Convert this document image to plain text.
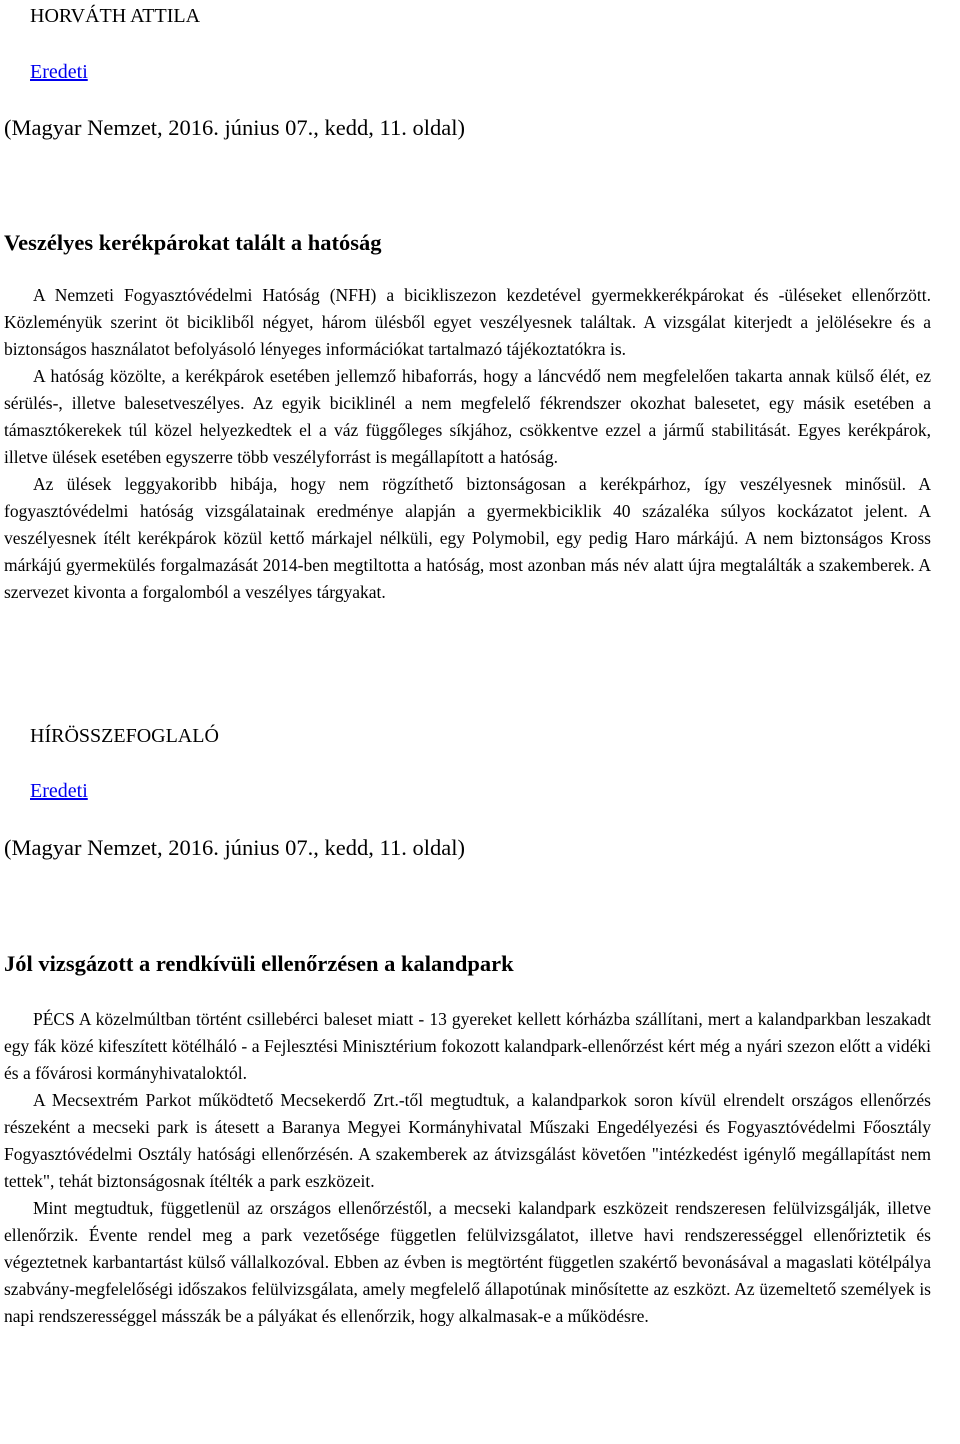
HORVÁTH ATTILA
Eredeti
(Magyar Nemzet, 2016. június 07., kedd, 11. oldal)
Veszélyes kerékpárokat talált a hatóság

A Nemzeti Fogyasztóvédelmi Hatóság (NFH) a bicikliszezon kezdetével gyermekkerékpárokat és -üléseket ellenőrzött. Közleményük szerint öt bicikliből négyet, három ülésből egyet veszélyesnek találtak. A vizsgálat kiterjedt a jelölésekre és a biztonságos használatot befolyásoló lényeges információkat tartalmazó tájékoztatókra is.

A hatóság közölte, a kerékpárok esetében jellemző hibaforrás, hogy a láncvédő nem megfelelően takarta annak külső élét, ez sérülés-, illetve balesetveszélyes. Az egyik biciklinél a nem megfelelő fékrendszer okozhat balesetet, egy másik esetében a támasztókerekek túl közel helyezkedtek el a váz függőleges síkjához, csökkentve ezzel a jármű stabilitását. Egyes kerékpárok, illetve ülések esetében egyszerre több veszélyforrást is megállapított a hatóság.

Az ülések leggyakoribb hibája, hogy nem rögzíthető biztonságosan a kerékpárhoz, így veszélyesnek minősül. A fogyasztóvédelmi hatóság vizsgálatainak eredménye alapján a gyermekbiciklik 40 százaléka súlyos kockázatot jelent. A veszélyesnek ítélt kerékpárok közül kettő márkajel nélküli, egy Polymobil, egy pedig Haro márkájú. A nem biztonságos Kross márkájú gyermekülés forgalmazását 2014-ben megtiltotta a hatóság, most azonban más név alatt újra megtalálták a szakemberek. A szervezet kivonta a forgalomból a veszélyes tárgyakat.

HÍRÖSSZEFOGLALÓ
Eredeti
(Magyar Nemzet, 2016. június 07., kedd, 11. oldal)
Jól vizsgázott a rendkívüli ellenőrzésen a kalandpark

PÉCS A közelmúltban történt csillebérci baleset miatt - 13 gyereket kellett kórházba szállítani, mert a kalandparkban leszakadt egy fák közé kifeszített kötélháló - a Fejlesztési Minisztérium fokozott kalandpark-ellenőrzést kért még a nyári szezon előtt a vidéki és a fővárosi kormányhivataloktól.

A Mecsextrém Parkot működtető Mecsekerdő Zrt.-től megtudtuk, a kalandparkok soron kívül elrendelt országos ellenőrzés részeként a mecseki park is átesett a Baranya Megyei Kormányhivatal Műszaki Engedélyezési és Fogyasztóvédelmi Főosztály Fogyasztóvédelmi Osztály hatósági ellenőrzésén. A szakemberek az átvizsgálást követően "intézkedést igénylő megállapítást nem tettek", tehát biztonságosnak ítélték a park eszközeit.

Mint megtudtuk, függetlenül az országos ellenőrzéstől, a mecseki kalandpark eszközeit rendszeresen felülvizsgálják, illetve ellenőrzik. Évente rendel meg a park vezetősége független felülvizsgálatot, illetve havi rendszerességgel ellenőriztetik és végeztetnek karbantartást külső vállalkozóval. Ebben az évben is megtörtént független szakértő bevonásával a magaslati kötélpálya szabvány-megfelelőségi időszakos felülvizsgálata, amely megfelelő állapotúnak minősítette az eszközt. Az üzemeltető személyek is napi rendszerességgel másszák be a pályákat és ellenőrzik, hogy alkalmasak-e a működésre.
